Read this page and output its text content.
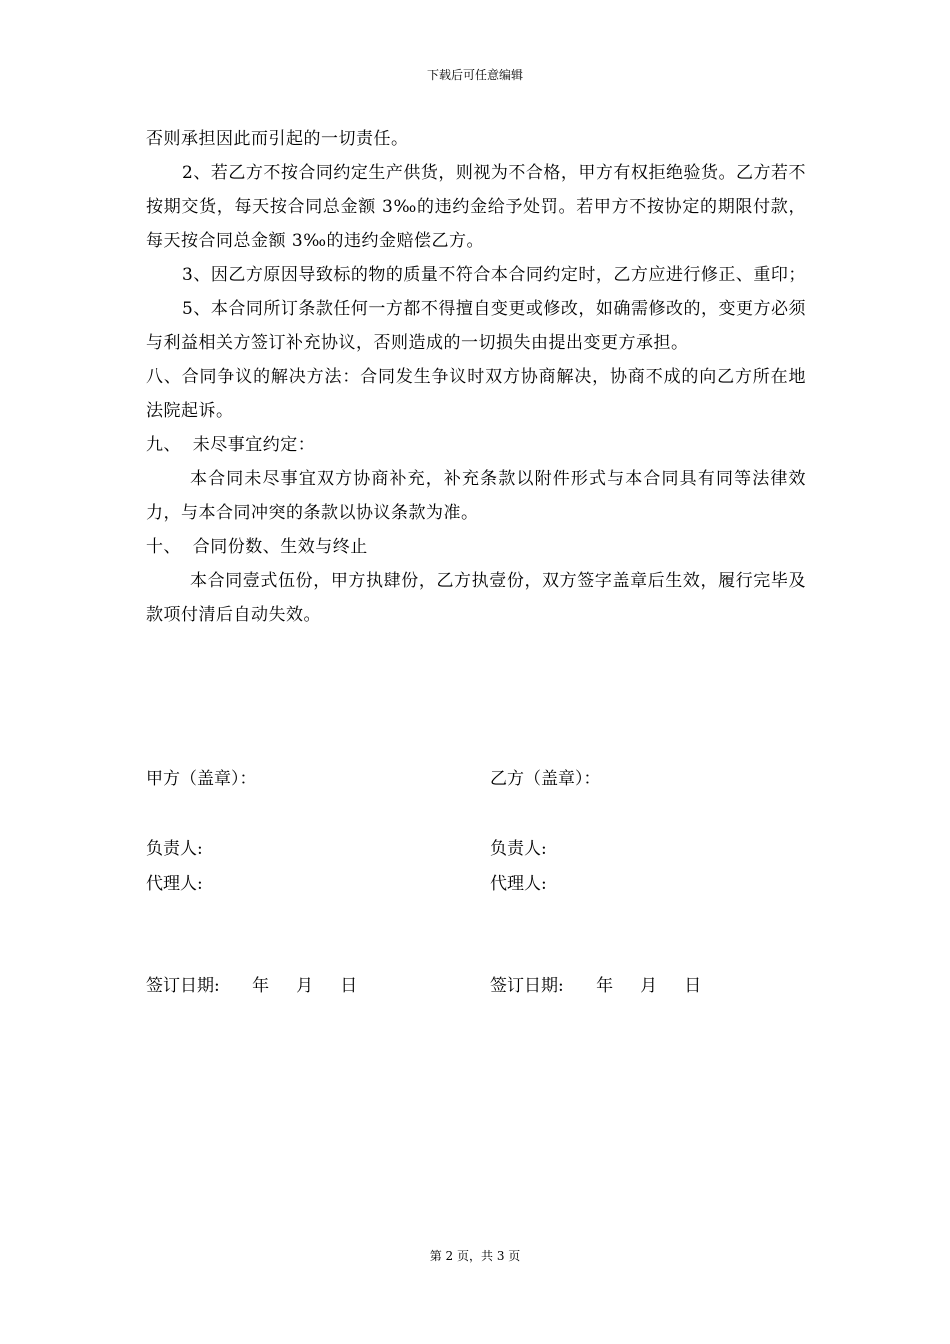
下载后可任意编辑

否则承担因此而引起的一切责任。

2、若乙方不按合同约定生产供货，则视为不合格，甲方有权拒绝验货。乙方若不按期交货，每天按合同总金额 3‰的违约金给予处罚。若甲方不按协定的期限付款，每天按合同总金额 3‰的违约金赔偿乙方。

3、因乙方原因导致标的物的质量不符合本合同约定时，乙方应进行修正、重印；

5、本合同所订条款任何一方都不得擅自变更或修改，如确需修改的，变更方必须与利益相关方签订补充协议，否则造成的一切损失由提出变更方承担。

八、合同争议的解决方法：合同发生争议时双方协商解决，协商不成的向乙方所在地法院起诉。

九、  未尽事宜约定：

本合同未尽事宜双方协商补充，补充条款以附件形式与本合同具有同等法律效力，与本合同冲突的条款以协议条款为准。

十、  合同份数、生效与终止

本合同壹式伍份，甲方执肆份，乙方执壹份，双方签字盖章后生效，履行完毕及款项付清后自动失效。

甲方（盖章）：	乙方（盖章）：
负责人:	负责人:
代理人:	代理人:
签订日期:      年     月     日	签订日期:      年     月     日
第 2 页，共 3 页
